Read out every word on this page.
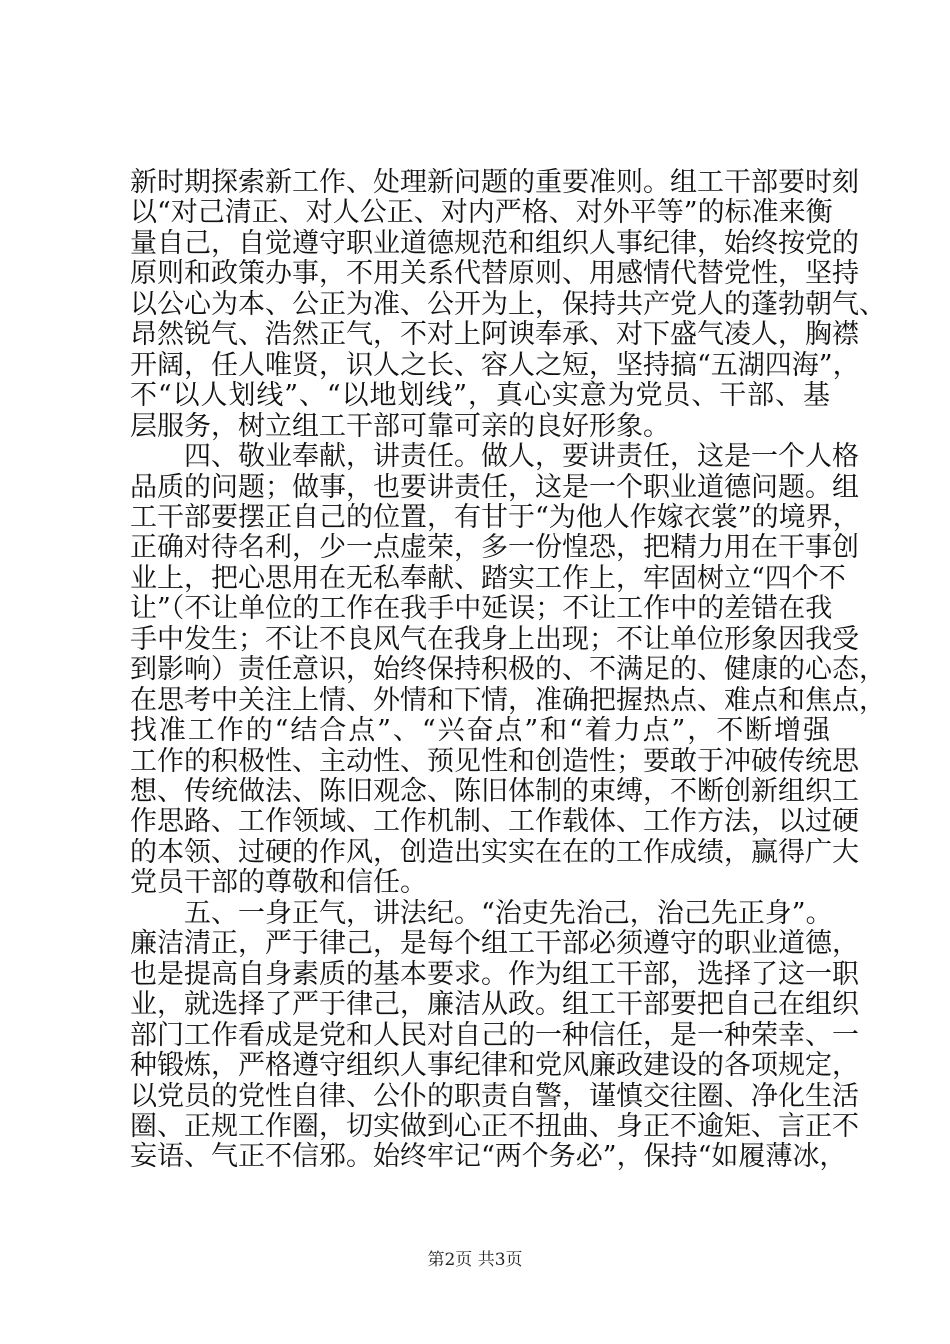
新时期探索新工作、处理新问题的重要准则。组工干部要时刻
以“对己清正、对人公正、对内严格、对外平等”的标准来衡
量自己，自觉遵守职业道德规范和组织人事纪律，始终按党的
原则和政策办事，不用关系代替原则、用感情代替党性，坚持
以公心为本、公正为准、公开为上，保持共产党人的蓬勃朝气、
昂然锐气、浩然正气，不对上阿谀奉承、对下盛气凌人，胸襟
开阔，任人唯贤，识人之长、容人之短，坚持搞“五湖四海”，
不“以人划线”、“以地划线”，真心实意为党员、干部、基
层服务，树立组工干部可靠可亲的良好形象。
四、敬业奉献，讲责任。做人，要讲责任，这是一个人格
品质的问题；做事，也要讲责任，这是一个职业道德问题。组
工干部要摆正自己的位置，有甘于“为他人作嫁衣裳”的境界，
正确对待名利，少一点虚荣，多一份惶恐，把精力用在干事创
业上，把心思用在无私奉献、踏实工作上，牢固树立“四个不
让”（不让单位的工作在我手中延误；不让工作中的差错在我
手中发生；不让不良风气在我身上出现；不让单位形象因我受
到影响）责任意识，始终保持积极的、不满足的、健康的心态，
在思考中关注上情、外情和下情，准确把握热点、难点和焦点，
找准工作的“结合点”、“兴奋点”和“着力点”，不断增强
工作的积极性、主动性、预见性和创造性；要敢于冲破传统思
想、传统做法、陈旧观念、陈旧体制的束缚，不断创新组织工
作思路、工作领域、工作机制、工作载体、工作方法，以过硬
的本领、过硬的作风，创造出实实在在的工作成绩，赢得广大
党员干部的尊敬和信任。
五、一身正气，讲法纪。“治吏先治己，治己先正身”。
廉洁清正，严于律己，是每个组工干部必须遵守的职业道德，
也是提高自身素质的基本要求。作为组工干部，选择了这一职
业，就选择了严于律己，廉洁从政。组工干部要把自己在组织
部门工作看成是党和人民对自己的一种信任，是一种荣幸、一
种锻炼，严格遵守组织人事纪律和党风廉政建设的各项规定，
以党员的党性自律、公仆的职责自警，谨慎交往圈、净化生活
圈、正规工作圈，切实做到心正不扭曲、身正不逾矩、言正不
妄语、气正不信邪。始终牢记“两个务必”，保持“如履薄冰，
第2页 共3页
